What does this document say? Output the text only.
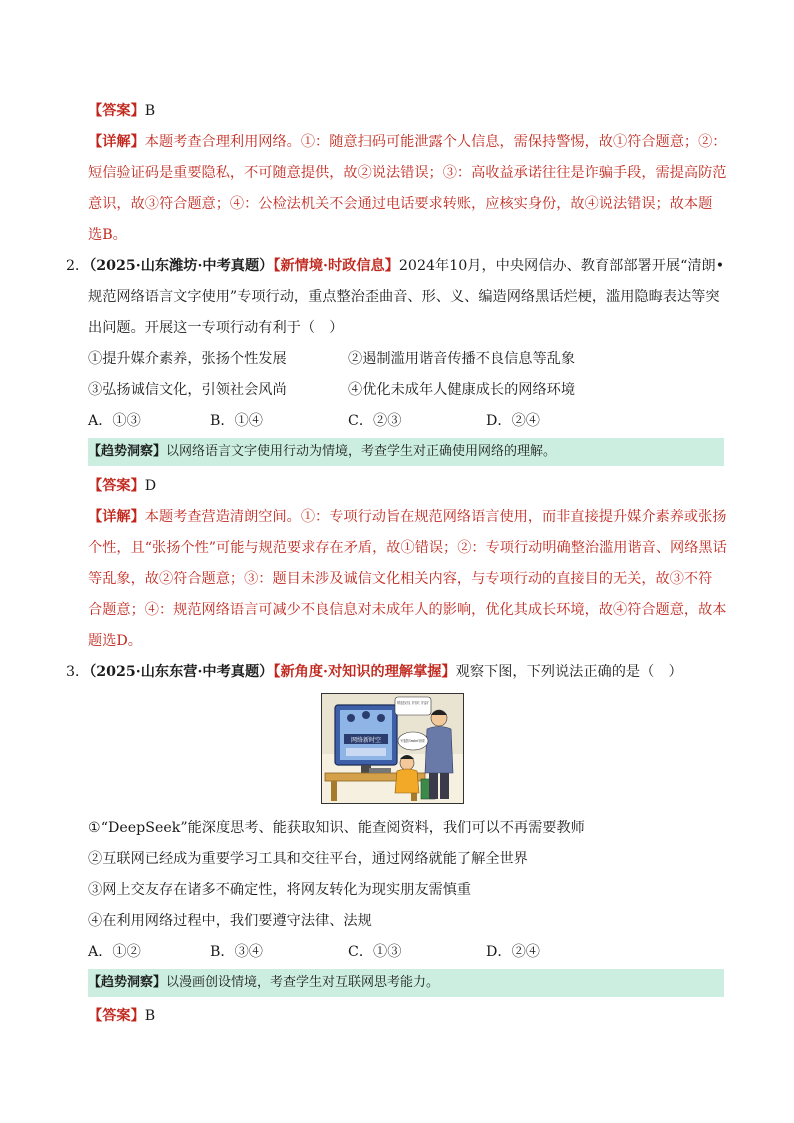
【答案】B
【详解】本题考查合理利用网络。①：随意扫码可能泄露个人信息，需保持警惕，故①符合题意；②：
短信验证码是重要隐私，不可随意提供，故②说法错误；③：高收益承诺往往是诈骗手段，需提高防范
意识，故③符合题意；④：公检法机关不会通过电话要求转账，应核实身份，故④说法错误；故本题
选B。
2．（2025·山东潍坊·中考真题）【新情境·时政信息】2024年10月，中央网信办、教育部部署开展“清朗•
规范网络语言文字使用”专项行动，重点整治歪曲音、形、义、编造网络黑话烂梗，滥用隐晦表达等突
出问题。开展这一专项行动有利于（　）
①提升媒介素养，张扬个性发展	②遏制滥用谐音传播不良信息等乱象
③弘扬诚信文化，引领社会风尚	④优化未成年人健康成长的网络环境
A．①③	B．①④	C．②③	D．②④
【趋势洞察】以网络语言文字使用行动为情境，考查学生对正确使用网络的理解。
【答案】D
【详解】本题考查营造清朗空间。①：专项行动旨在规范网络语言使用，而非直接提升媒介素养或张扬
个性，且“张扬个性”可能与规范要求存在矛盾，故①错误；②：专项行动明确整治滥用谐音、网络黑话
等乱象，故②符合题意；③：题目未涉及诚信文化相关内容，与专项行动的直接目的无关，故③不符
合题意；④：规范网络语言可减少不良信息对未成年人的影响，优化其成长环境，故④符合题意，故本
题选D。
3．（2025·山东东营·中考真题）【新角度·对知识的理解掌握】观察下图，下列说法正确的是（　）
网络新时空
网络虽把双刃剑，要“善用”，防“滥用”
“问”通通找“DeepSeek”就好啦！
①“DeepSeek”能深度思考、能获取知识、能查阅资料，我们可以不再需要教师
②互联网已经成为重要学习工具和交往平台，通过网络就能了解全世界
③网上交友存在诸多不确定性，将网友转化为现实朋友需慎重
④在利用网络过程中，我们要遵守法律、法规
A．①②	B．③④	C．①③	D．②④
【趋势洞察】以漫画创设情境，考查学生对互联网思考能力。
【答案】B
